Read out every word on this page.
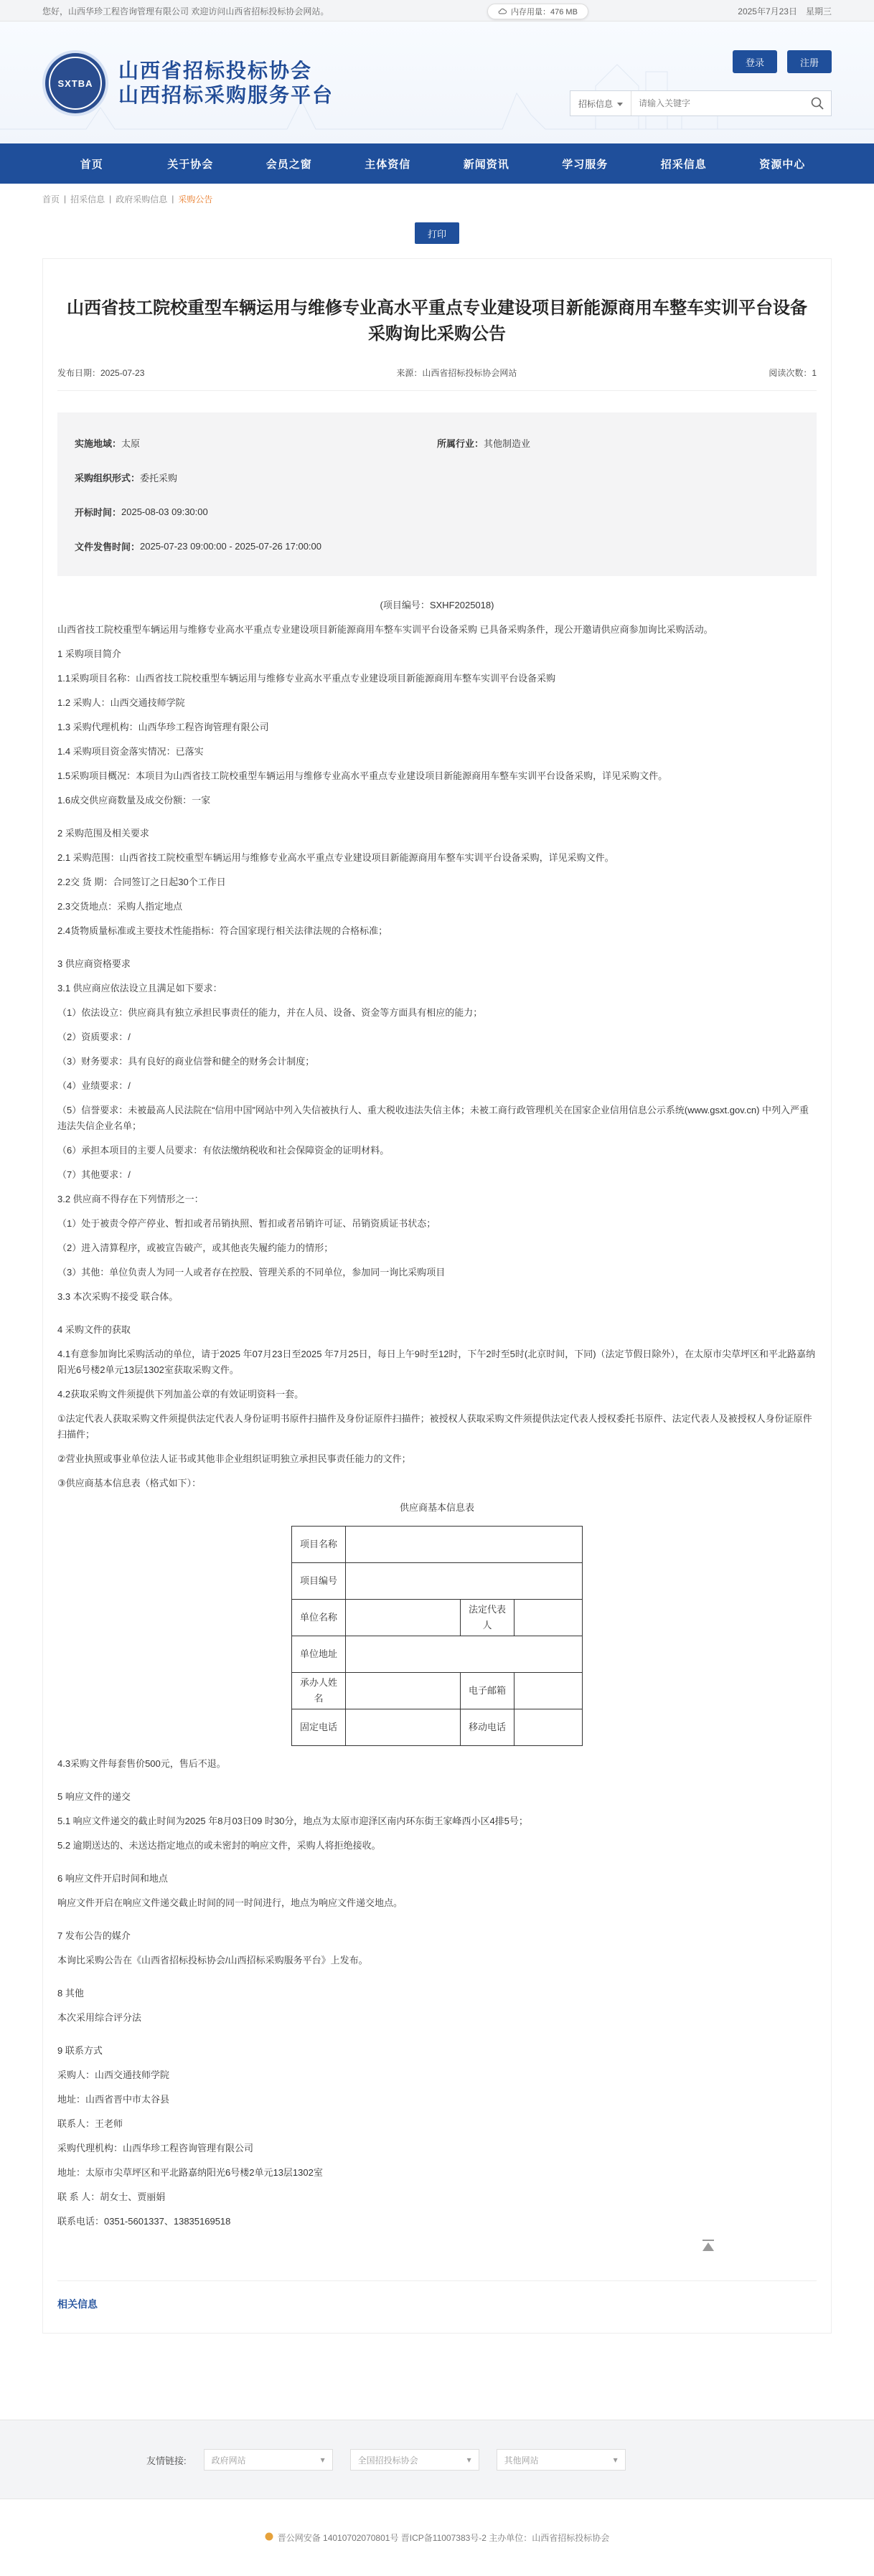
您好，山西华珍工程咨询管理有限公司 欢迎访问山西省招标投标协会网站。	内存用量：476 MB	2025年7月23日 星期三
SXTBA
山西省招标投标协会
山西招标采购服务平台
登录	注册
招标信息
请输入关键字
首页	关于协会	会员之窗	主体资信	新闻资讯	学习服务	招采信息	资源中心
首页 | 招采信息 | 政府采购信息 | 采购公告
打印
山西省技工院校重型车辆运用与维修专业高水平重点专业建设项目新能源商用车整车实训平台设备采购询比采购公告
发布日期：2025-07-23	来源：山西省招标投标协会网站	阅读次数：1
实施地域： 太原	所属行业： 其他制造业
采购组织形式： 委托采购
开标时间： 2025-08-03 09:30:00
文件发售时间： 2025-07-23 09:00:00 - 2025-07-26 17:00:00

(项目编号：SXHF2025018)

山西省技工院校重型车辆运用与维修专业高水平重点专业建设项目新能源商用车整车实训平台设备采购 已具备采购条件，现公开邀请供应商参加询比采购活动。

1 采购项目简介

1.1采购项目名称：山西省技工院校重型车辆运用与维修专业高水平重点专业建设项目新能源商用车整车实训平台设备采购

1.2 采购人：山西交通技师学院

1.3 采购代理机构：山西华珍工程咨询管理有限公司

1.4 采购项目资金落实情况：已落实

1.5采购项目概况：本项目为山西省技工院校重型车辆运用与维修专业高水平重点专业建设项目新能源商用车整车实训平台设备采购，详见采购文件。

1.6成交供应商数量及成交份额：一家

2 采购范围及相关要求

2.1 采购范围：山西省技工院校重型车辆运用与维修专业高水平重点专业建设项目新能源商用车整车实训平台设备采购，详见采购文件。

2.2交 货 期：合同签订之日起30个工作日

2.3交货地点：采购人指定地点

2.4货物质量标准或主要技术性能指标：符合国家现行相关法律法规的合格标准；

3 供应商资格要求

3.1 供应商应依法设立且满足如下要求：

（1）依法设立：供应商具有独立承担民事责任的能力，并在人员、设备、资金等方面具有相应的能力；

（2）资质要求：/

（3）财务要求：具有良好的商业信誉和健全的财务会计制度；

（4）业绩要求：/

（5）信誉要求：未被最高人民法院在“信用中国”网站中列入失信被执行人、重大税收违法失信主体；未被工商行政管理机关在国家企业信用信息公示系统(www.gsxt.gov.cn) 中列入严重违法失信企业名单；

（6）承担本项目的主要人员要求：有依法缴纳税收和社会保障资金的证明材料。

（7）其他要求：/

3.2 供应商不得存在下列情形之一：

（1）处于被责令停产停业、暂扣或者吊销执照、暂扣或者吊销许可证、吊销资质证书状态；

（2）进入清算程序，或被宣告破产，或其他丧失履约能力的情形；

（3）其他：单位负责人为同一人或者存在控股、管理关系的不同单位，参加同一询比采购项目

3.3 本次采购不接受 联合体。

4 采购文件的获取

4.1有意参加询比采购活动的单位，请于2025 年07月23日至2025 年7月25日，每日上午9时至12时，下午2时至5时(北京时间，下同)（法定节假日除外），在太原市尖草坪区和平北路嘉纳阳光6号楼2单元13层1302室获取采购文件。

4.2获取采购文件须提供下列加盖公章的有效证明资料一套。

①法定代表人获取采购文件须提供法定代表人身份证明书原件扫描件及身份证原件扫描件；被授权人获取采购文件须提供法定代表人授权委托书原件、法定代表人及被授权人身份证原件扫描件；

②营业执照或事业单位法人证书或其他非企业组织证明独立承担民事责任能力的文件；

③供应商基本信息表（格式如下）：

供应商基本信息表

项目名称			
项目编号			
单位名称		法定代表人	
单位地址			
承办人姓名		电子邮箱	
固定电话		移动电话	

4.3采购文件每套售价500元，售后不退。

5 响应文件的递交

5.1 响应文件递交的截止时间为2025 年8月03日09 时30分，地点为太原市迎泽区南内环东街王家峰西小区4排5号；

5.2 逾期送达的、未送达指定地点的或未密封的响应文件，采购人将拒绝接收。

6 响应文件开启时间和地点

响应文件开启在响应文件递交截止时间的同一时间进行，地点为响应文件递交地点。

7 发布公告的媒介

本询比采购公告在《山西省招标投标协会/山西招标采购服务平台》上发布。

8 其他

本次采用综合评分法

9 联系方式

采购人：山西交通技师学院

地址：山西省晋中市太谷县

联系人：王老师

采购代理机构：山西华珍工程咨询管理有限公司

地址：太原市尖草坪区和平北路嘉纳阳光6号楼2单元13层1302室

联 系 人：胡女士、贾丽娟

联系电话：0351-5601337、13835169518

相关信息
友情链接:	政府网站	▾	全国招投标协会	▾	其他网站	▾
晋公网安备 14010702070801号 晋ICP备11007383号-2 主办单位：山西省招标投标协会
